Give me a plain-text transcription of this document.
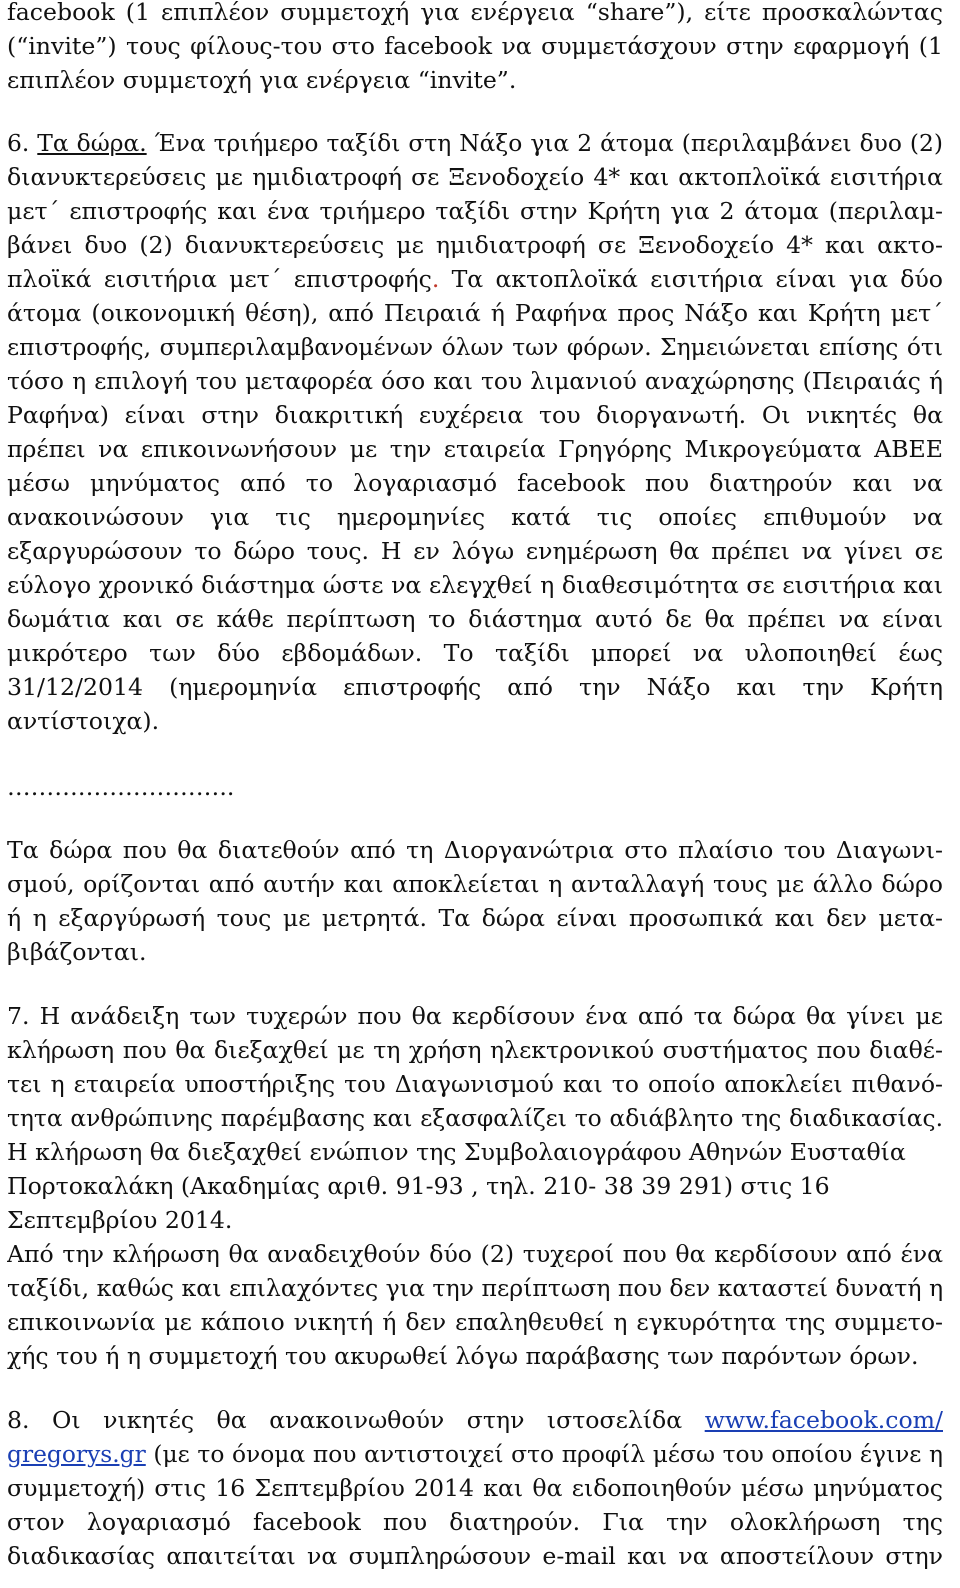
facebook (1 επιπλέον συμμετοχή για ενέργεια “share”), είτε προσκαλώντας
(“invite”) τους φίλους-του στο facebook να συμμετάσχουν στην εφαρμογή (1
επιπλέον συμμετοχή για ενέργεια “invite”.
6. Τα δώρα. Ένα τριήμερο ταξίδι στη Νάξο για 2 άτομα (περιλαμβάνει δυο (2)
διανυκτερεύσεις με ημιδιατροφή σε Ξενοδοχείο 4* και ακτοπλοϊκά εισιτήρια
μετ΄ επιστροφής και ένα τριήμερο ταξίδι στην Κρήτη για 2 άτομα (περιλαμ-
βάνει δυο (2) διανυκτερεύσεις με ημιδιατροφή σε Ξενοδοχείο 4* και ακτο-
πλοϊκά εισιτήρια μετ΄ επιστροφής. Τα ακτοπλοϊκά εισιτήρια είναι για δύο
άτομα (οικονομική θέση), από Πειραιά ή Ραφήνα προς Νάξο και Κρήτη μετ΄
επιστροφής, συμπεριλαμβανομένων όλων των φόρων. Σημειώνεται επίσης ότι
τόσο η επιλογή του μεταφορέα όσο και του λιμανιού αναχώρησης (Πειραιάς ή
Ραφήνα) είναι στην διακριτική ευχέρεια του διοργανωτή. Οι νικητές θα
πρέπει να επικοινωνήσουν με την εταιρεία Γρηγόρης Μικρογεύματα ΑΒΕΕ
μέσω μηνύματος από το λογαριασμό facebook που διατηρούν και να
ανακοινώσουν για τις ημερομηνίες κατά τις οποίες επιθυμούν να
εξαργυρώσουν το δώρο τους. Η εν λόγω ενημέρωση θα πρέπει να γίνει σε
εύλογο χρονικό διάστημα ώστε να ελεγχθεί η διαθεσιμότητα σε εισιτήρια και
δωμάτια και σε κάθε περίπτωση το διάστημα αυτό δε θα πρέπει να είναι
μικρότερο των δύο εβδομάδων. Το ταξίδι μπορεί να υλοποιηθεί έως
31/12/2014 (ημερομηνία επιστροφής από την Νάξο και την Κρήτη
αντίστοιχα).
………………………..
Τα δώρα που θα διατεθούν από τη Διοργανώτρια στο πλαίσιο του Διαγωνι-
σμού, ορίζονται από αυτήν και αποκλείεται η ανταλλαγή τους με άλλο δώρο
ή η εξαργύρωσή τους με μετρητά. Τα δώρα είναι προσωπικά και δεν μετα-
βιβάζονται.
7. Η ανάδειξη των τυχερών που θα κερδίσουν ένα από τα δώρα θα γίνει με
κλήρωση που θα διεξαχθεί με τη χρήση ηλεκτρονικού συστήματος που διαθέ-
τει η εταιρεία υποστήριξης του Διαγωνισμού και το οποίο αποκλείει πιθανό-
τητα ανθρώπινης παρέμβασης και εξασφαλίζει το αδιάβλητο της διαδικασίας.
Η κλήρωση θα διεξαχθεί ενώπιον της Συμβολαιογράφου Αθηνών Ευσταθία
Πορτοκαλάκη (Ακαδημίας αριθ. 91-93 , τηλ. 210- 38 39 291) στις 16
Σεπτεμβρίου 2014.
Από την κλήρωση θα αναδειχθούν δύο (2) τυχεροί που θα κερδίσουν από ένα
ταξίδι, καθώς και επιλαχόντες για την περίπτωση που δεν καταστεί δυνατή η
επικοινωνία με κάποιο νικητή ή δεν επαληθευθεί η εγκυρότητα της συμμετο-
χής του ή η συμμετοχή του ακυρωθεί λόγω παράβασης των παρόντων όρων.
8. Οι νικητές θα ανακοινωθούν στην ιστοσελίδα www.facebook.com/
gregorys.gr (με το όνομα που αντιστοιχεί στο προφίλ μέσω του οποίου έγινε η
συμμετοχή) στις 16 Σεπτεμβρίου 2014 και θα ειδοποιηθούν μέσω μηνύματος
στον λογαριασμό facebook που διατηρούν. Για την ολοκλήρωση της
διαδικασίας απαιτείται να συμπληρώσουν e-mail και να αποστείλουν στην
